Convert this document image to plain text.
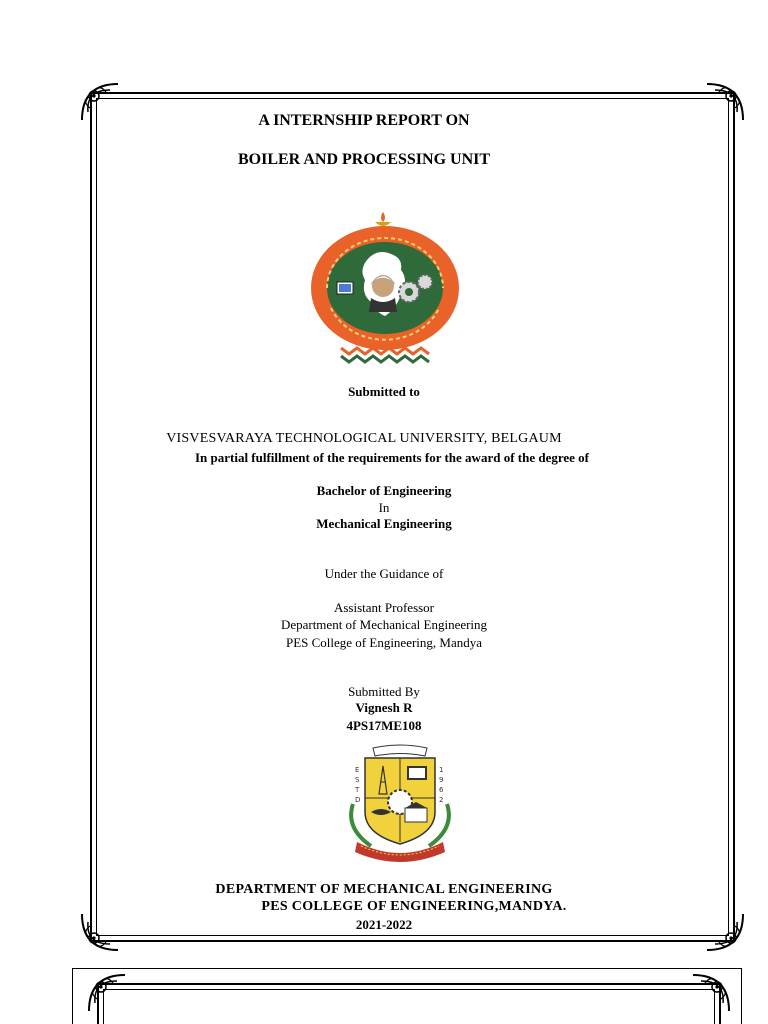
A INTERNSHIP REPORT ON
BOILER AND PROCESSING UNIT
Submitted to
VISVESVARAYA TECHNOLOGICAL UNIVERSITY, BELGAUM
In partial fulfillment of the requirements for the award of the degree of
Bachelor of Engineering
In
Mechanical Engineering
Under the Guidance of
Assistant Professor
Department of Mechanical Engineering
PES College of Engineering, Mandya
Submitted By
Vignesh R
4PS17ME108
E
S
T
D
1
9
6
2
DEPARTMENT OF MECHANICAL ENGINEERING
PES COLLEGE OF ENGINEERING,MANDYA.
2021-2022
